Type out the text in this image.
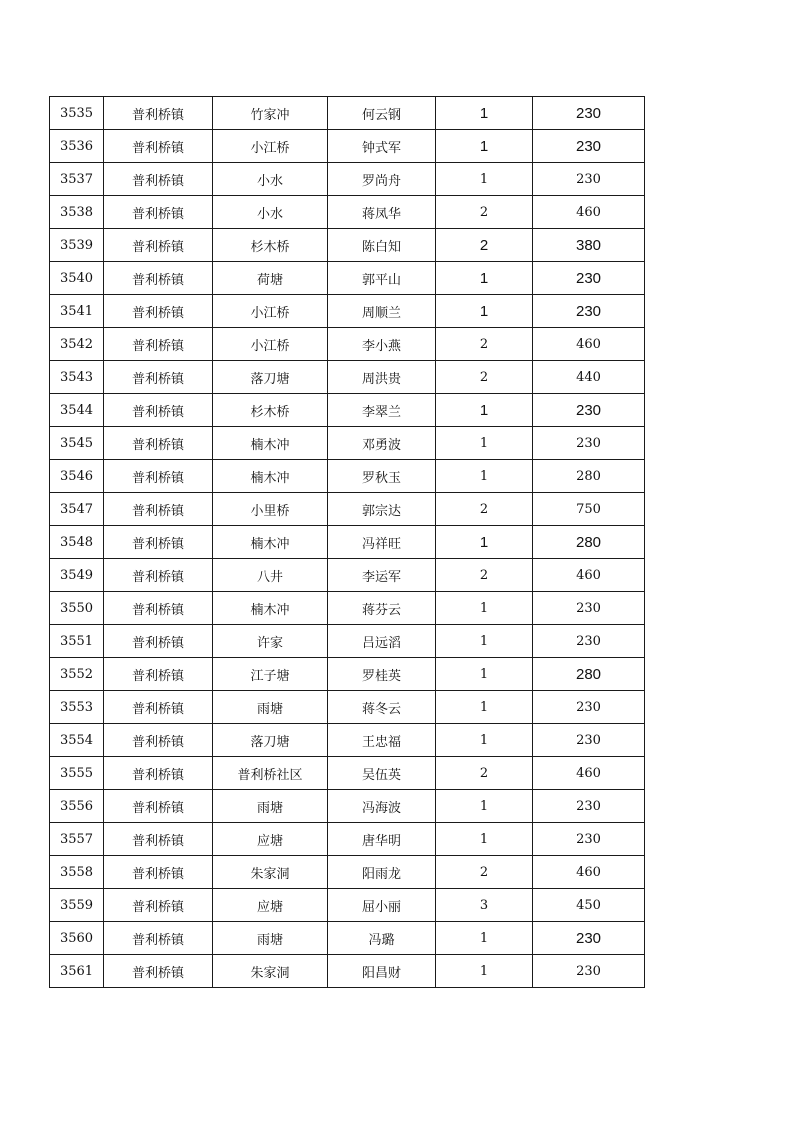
3535	普利桥镇	竹家冲	何云钢	1	230
3536	普利桥镇	小江桥	钟式军	1	230
3537	普利桥镇	小水	罗尚舟	1	230
3538	普利桥镇	小水	蒋凤华	2	460
3539	普利桥镇	杉木桥	陈白知	2	380
3540	普利桥镇	荷塘	郭平山	1	230
3541	普利桥镇	小江桥	周顺兰	1	230
3542	普利桥镇	小江桥	李小燕	2	460
3543	普利桥镇	落刀塘	周洪贵	2	440
3544	普利桥镇	杉木桥	李翠兰	1	230
3545	普利桥镇	楠木冲	邓勇波	1	230
3546	普利桥镇	楠木冲	罗秋玉	1	280
3547	普利桥镇	小里桥	郭宗达	2	750
3548	普利桥镇	楠木冲	冯祥旺	1	280
3549	普利桥镇	八井	李运军	2	460
3550	普利桥镇	楠木冲	蒋芬云	1	230
3551	普利桥镇	许家	吕远滔	1	230
3552	普利桥镇	江子塘	罗桂英	1	280
3553	普利桥镇	雨塘	蒋冬云	1	230
3554	普利桥镇	落刀塘	王忠福	1	230
3555	普利桥镇	普利桥社区	吴伍英	2	460
3556	普利桥镇	雨塘	冯海波	1	230
3557	普利桥镇	应塘	唐华明	1	230
3558	普利桥镇	朱家洞	阳雨龙	2	460
3559	普利桥镇	应塘	屈小丽	3	450
3560	普利桥镇	雨塘	冯璐	1	230
3561	普利桥镇	朱家洞	阳昌财	1	230
